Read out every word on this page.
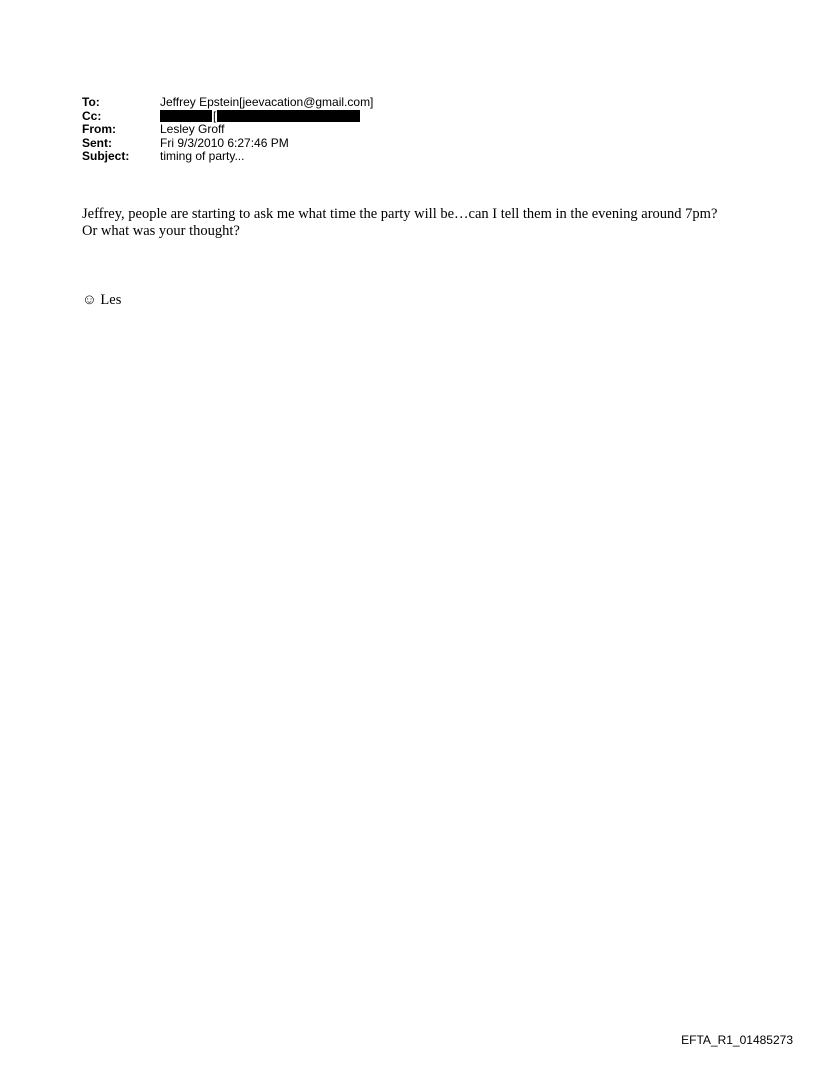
To:	Jeffrey Epstein[jeevacation@gmail.com]
Cc:	[
From:	Lesley Groff
Sent:	Fri 9/3/2010 6:27:46 PM
Subject:	timing of party...
Jeffrey, people are starting to ask me what time the party will be…can I tell them in the evening around 7pm? Or what was your thought?
☺ Les
EFTA_R1_01485273
